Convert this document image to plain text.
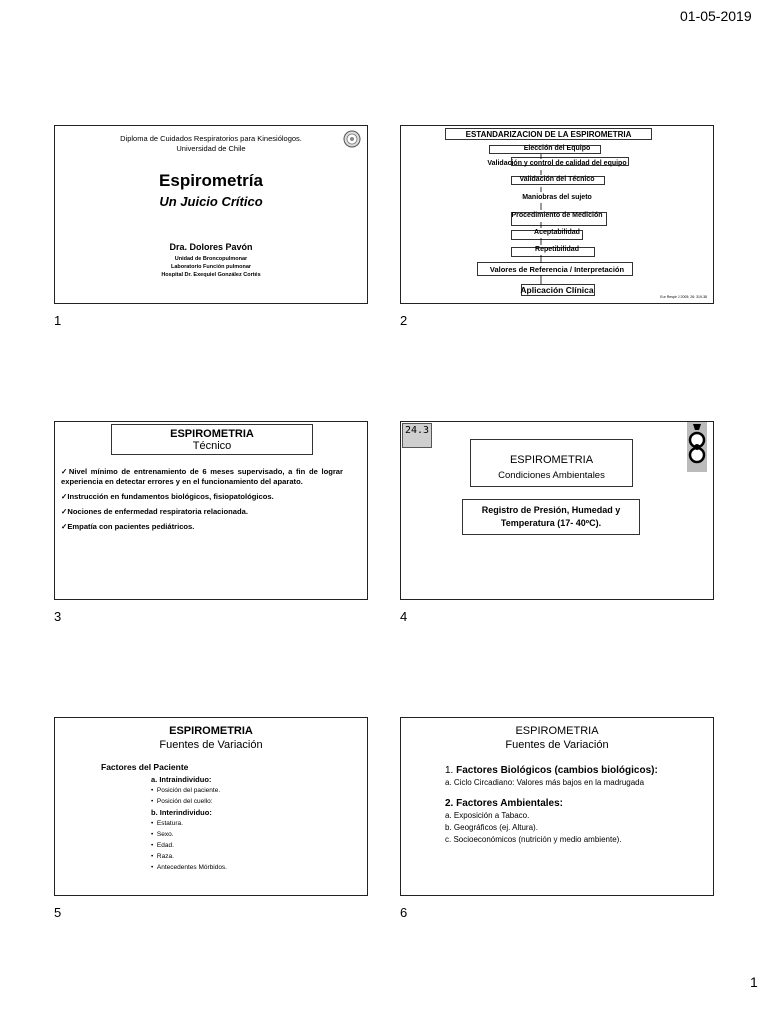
01-05-2019
Diploma de Cuidados Respiratorios para Kinesiólogos.
Universidad de Chile
Espirometría
Un Juicio Crítico
Dra. Dolores Pavón
Unidad de Broncopulmonar
Laboratorio Función pulmonar
Hospital Dr. Exequiel González Cortés
1
ESTANDARIZACION DE LA ESPIROMETRIA
Elección del Equipo
Validación y control de calidad del equipo
Validación del Técnico
Maniobras del sujeto
Procedimiento de Medición
Aceptabilidad
Repetibilidad
Valores de Referencia / Interpretación
Aplicación Clínica
Eur Respir J 2005; 26: 319-38
2
ESPIROMETRIA
Técnico
✓Nivel mínimo de entrenamiento de 6 meses supervisado, a fin de lograr experiencia en detectar errores y en el funcionamiento del aparato.
✓Instrucción en fundamentos biológicos, fisiopatológicos.
✓Nociones de enfermedad respiratoria relacionada.
✓Empatía con pacientes pediátricos.
3
24.3
ESPIROMETRIA
Condiciones Ambientales
Registro de Presión, Humedad y
Temperatura (17- 40ºC).
4
ESPIROMETRIA
Fuentes de Variación
Factores del Paciente
a. Intraindividuo:
•  Posición del paciente.
•  Posición del cuello:
b. Interindividuo:
•  Estatura.
•  Sexo.
•  Edad.
•  Raza.
•  Antecedentes Mórbidos.
5
ESPIROMETRIA
Fuentes de Variación
1. Factores Biológicos (cambios biológicos):
a. Ciclo Circadiano: Valores más bajos en la madrugada
2. Factores Ambientales:
a. Exposición a Tabaco.
b. Geográficos (ej. Altura).
c. Socioeconómicos (nutrición y medio ambiente).
6
1
